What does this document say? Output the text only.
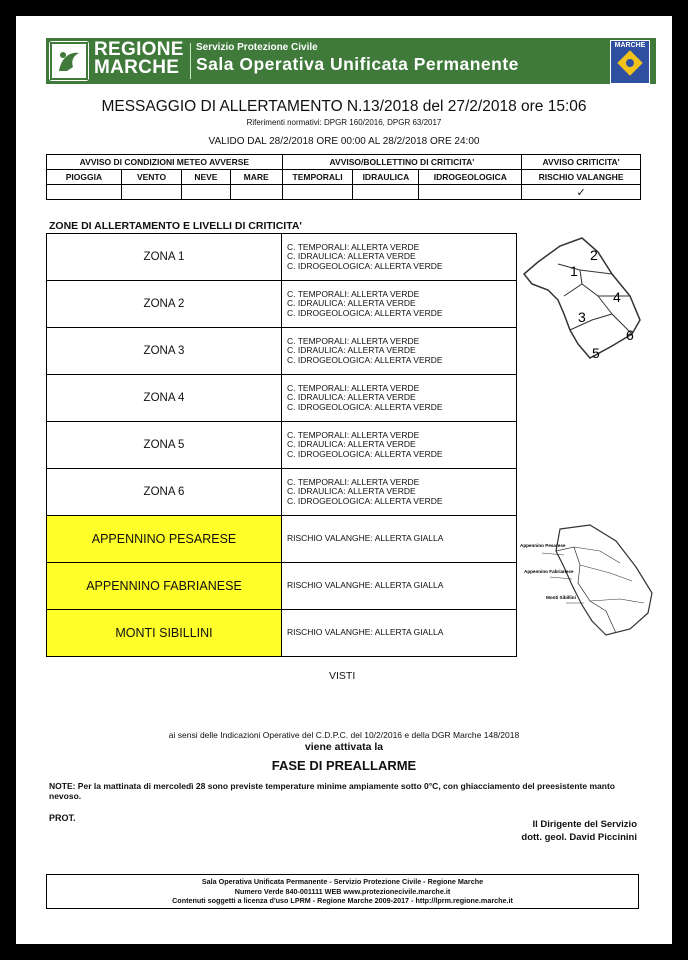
REGIONE
MARCHE
Servizio Protezione Civile
Sala Operativa Unificata Permanente
MARCHE
MESSAGGIO DI ALLERTAMENTO N.13/2018 del 27/2/2018 ore 15:06
Riferimenti normativi: DPGR 160/2016, DPGR 63/2017
VALIDO DAL 28/2/2018 ORE 00:00 AL 28/2/2018 ORE 24:00
AVVISO DI CONDIZIONI METEO AVVERSE				AVVISO/BOLLETTINO DI CRITICITA'			AVVISO CRITICITA'
PIOGGIA	VENTO	NEVE	MARE	TEMPORALI	IDRAULICA	IDROGEOLOGICA	RISCHIO VALANGHE
							✓
ZONE DI ALLERTAMENTO E LIVELLI DI CRITICITA'
ZONA 1	C. TEMPORALI: ALLERTA VERDE
C. IDRAULICA: ALLERTA VERDE
C. IDROGEOLOGICA: ALLERTA VERDE

ZONA 2	C. TEMPORALI: ALLERTA VERDE
C. IDRAULICA: ALLERTA VERDE
C. IDROGEOLOGICA: ALLERTA VERDE

ZONA 3	C. TEMPORALI: ALLERTA VERDE
C. IDRAULICA: ALLERTA VERDE
C. IDROGEOLOGICA: ALLERTA VERDE

ZONA 4	C. TEMPORALI: ALLERTA VERDE
C. IDRAULICA: ALLERTA VERDE
C. IDROGEOLOGICA: ALLERTA VERDE

ZONA 5	C. TEMPORALI: ALLERTA VERDE
C. IDRAULICA: ALLERTA VERDE
C. IDROGEOLOGICA: ALLERTA VERDE

ZONA 6	C. TEMPORALI: ALLERTA VERDE
C. IDRAULICA: ALLERTA VERDE
C. IDROGEOLOGICA: ALLERTA VERDE

APPENNINO PESARESE	RISCHIO VALANGHE: ALLERTA GIALLA
APPENNINO FABRIANESE	RISCHIO VALANGHE: ALLERTA GIALLA
MONTI SIBILLINI	RISCHIO VALANGHE: ALLERTA GIALLA
1
2
3
4
5
6
Appennino Pesarese
Appennino Fabrianese
Monti Sibillini
VISTI
ai sensi delle Indicazioni Operative del C.D.P.C. del 10/2/2016 e della DGR Marche 148/2018
viene attivata la
FASE DI PREALLARME
NOTE: Per la mattinata di mercoledì 28 sono previste temperature minime ampiamente sotto 0°C, con ghiacciamento del preesistente manto
nevoso.
PROT.
Il Dirigente del Servizio
dott. geol. David Piccinini
Sala Operativa Unificata Permanente - Servizio Protezione Civile - Regione Marche
Numero Verde 840-001111 WEB www.protezionecivile.marche.it
Contenuti soggetti a licenza d'uso LPRM - Regione Marche 2009-2017 - http://lprm.regione.marche.it
